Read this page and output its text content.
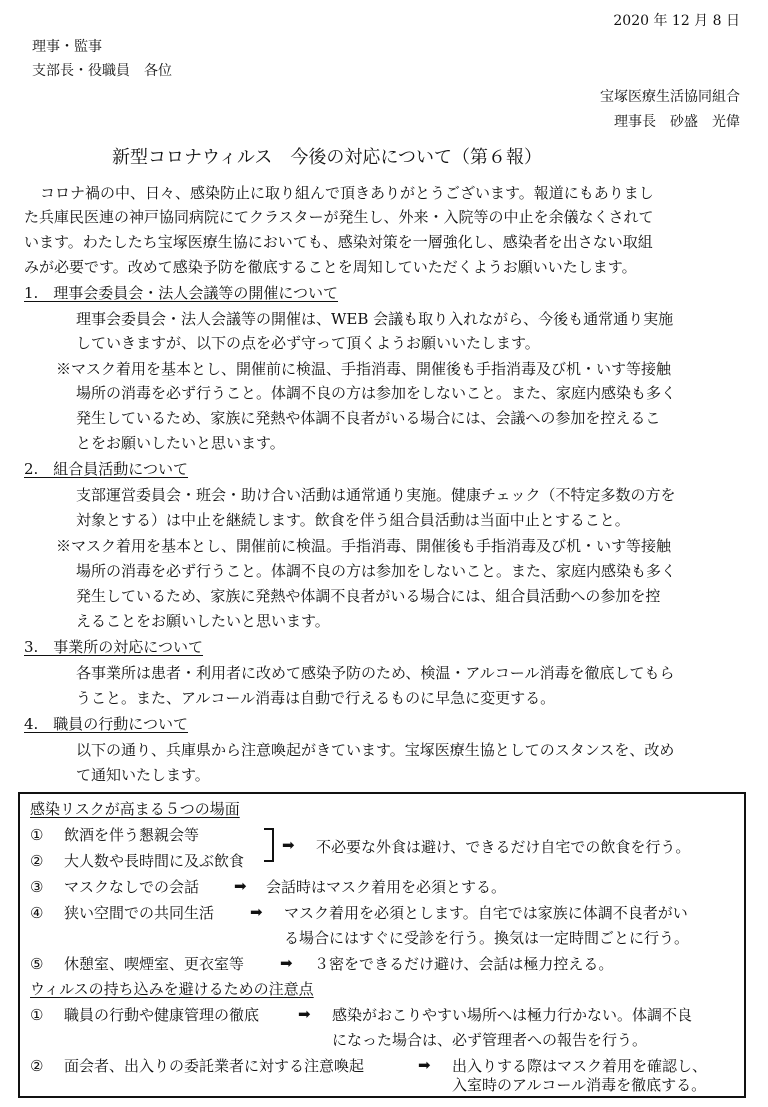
2020 年 12 月 8 日
理事・監事
支部長・役職員　各位
宝塚医療生活協同組合
理事長　砂盛　光偉
新型コロナウィルス　今後の対応について（第６報）
コロナ禍の中、日々、感染防止に取り組んで頂きありがとうございます。報道にもありまし
た兵庫民医連の神戸協同病院にてクラスターが発生し、外来・入院等の中止を余儀なくされて
います。わたしたち宝塚医療生協においても、感染対策を一層強化し、感染者を出さない取組
みが必要です。改めて感染予防を徹底することを周知していただくようお願いいたします。
1.　理事会委員会・法人会議等の開催について
理事会委員会・法人会議等の開催は、WEB 会議も取り入れながら、今後も通常通り実施
していきますが、以下の点を必ず守って頂くようお願いいたします。
※マスク着用を基本とし、開催前に検温、手指消毒、開催後も手指消毒及び机・いす等接触
場所の消毒を必ず行うこと。体調不良の方は参加をしないこと。また、家庭内感染も多く
発生しているため、家族に発熱や体調不良者がいる場合には、会議への参加を控えるこ
とをお願いしたいと思います。
2.　組合員活動について
支部運営委員会・班会・助け合い活動は通常通り実施。健康チェック（不特定多数の方を
対象とする）は中止を継続します。飲食を伴う組合員活動は当面中止とすること。
※マスク着用を基本とし、開催前に検温。手指消毒、開催後も手指消毒及び机・いす等接触
場所の消毒を必ず行うこと。体調不良の方は参加をしないこと。また、家庭内感染も多く
発生しているため、家族に発熱や体調不良者がいる場合には、組合員活動への参加を控
えることをお願いしたいと思います。
3.　事業所の対応について
各事業所は患者・利用者に改めて感染予防のため、検温・アルコール消毒を徹底してもら
うこと。また、アルコール消毒は自動で行えるものに早急に変更する。
4.　職員の行動について
以下の通り、兵庫県から注意喚起がきています。宝塚医療生協としてのスタンスを、改め
て通知いたします。
感染リスクが高まる５つの場面
① 飲酒を伴う懇親会等
② 大人数や長時間に及ぶ飲食
➡ 不必要な外食は避け、できるだけ自宅での飲食を行う。
③ マスクなしでの会話 ➡ 会話時はマスク着用を必須とする。
④ 狭い空間での共同生活 ➡ マスク着用を必須とします。自宅では家族に体調不良者がい
る場合にはすぐに受診を行う。換気は一定時間ごとに行う。
⑤ 休憩室、喫煙室、更衣室等 ➡ ３密をできるだけ避け、会話は極力控える。
ウィルスの持ち込みを避けるための注意点
① 職員の行動や健康管理の徹底	➡ 感染がおこりやすい場所へは極力行かない。体調不良
になった場合は、必ず管理者への報告を行う。
② 面会者、出入りの委託業者に対する注意喚起	➡ 出入りする際はマスク着用を確認し、
入室時のアルコール消毒を徹底する。
